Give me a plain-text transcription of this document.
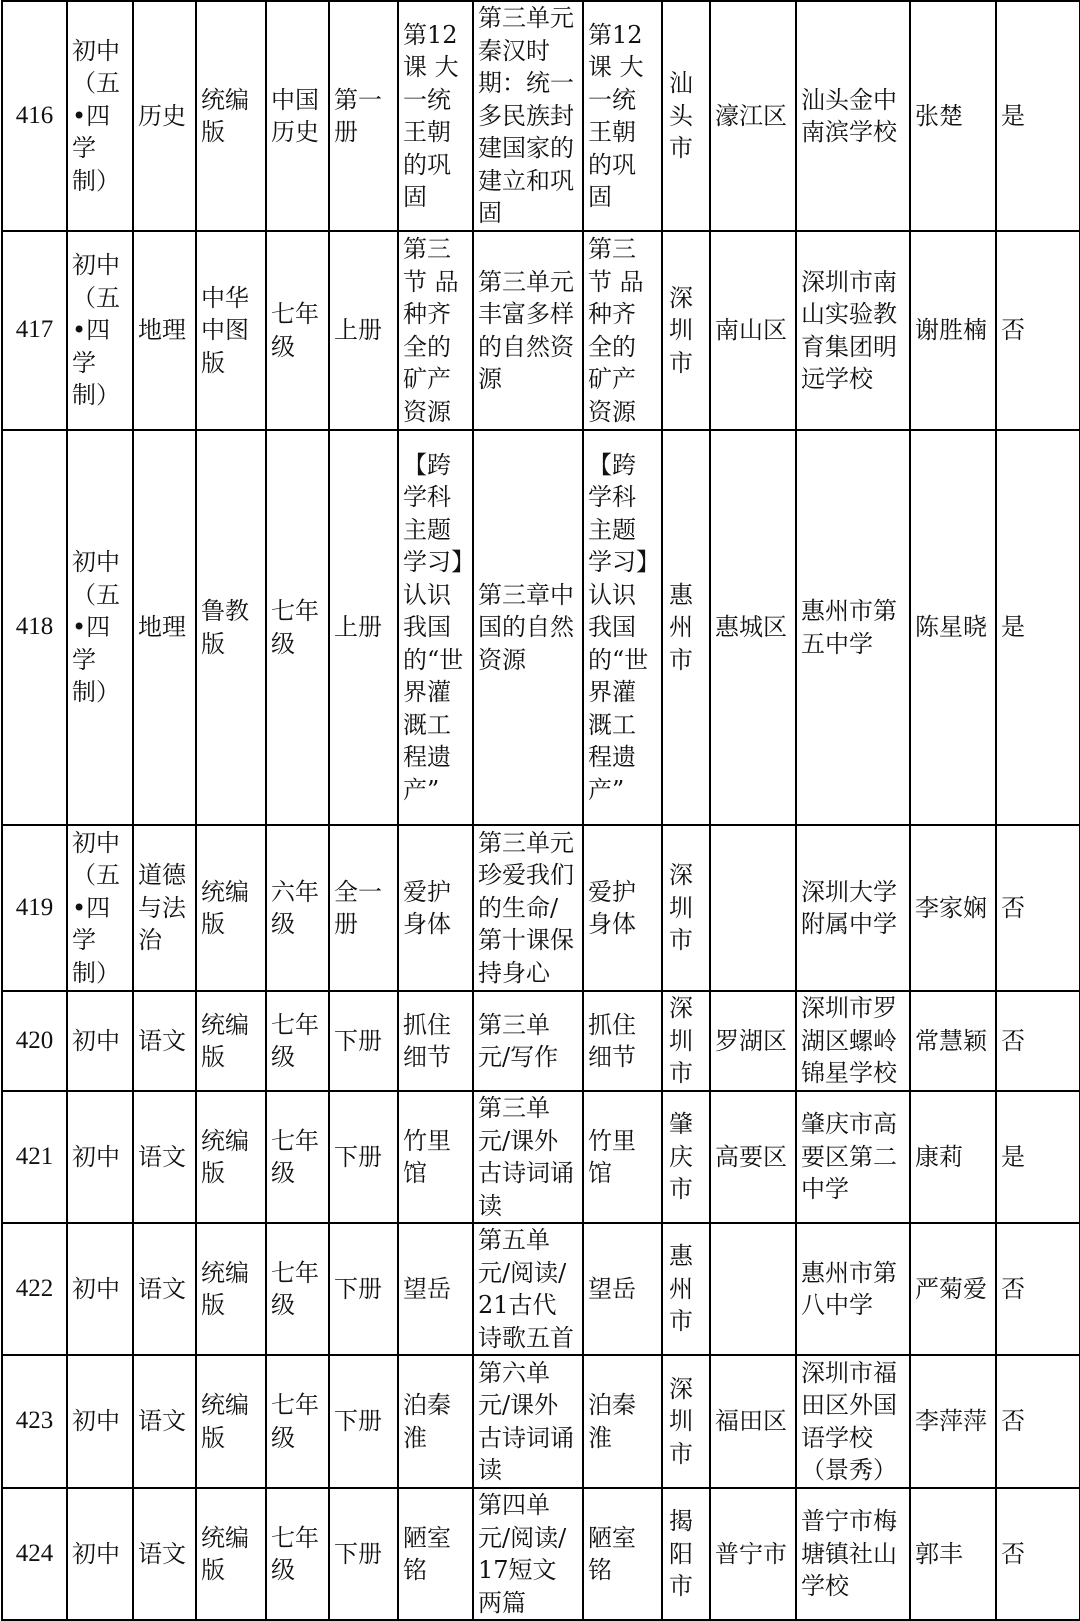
416	初中（五•四学制）	历史	统编版	中国历史	第一册	第12课 大一统王朝的巩固	第三单元秦汉时期：统一多民族封建国家的建立和巩固	第12课 大一统王朝的巩固	汕头市	濠江区	汕头金中南滨学校	张楚	是
417	初中（五•四学制）	地理	中华中图版	七年级	上册	第三节 品种齐全的矿产资源	第三单元丰富多样的自然资源	第三节 品种齐全的矿产资源	深圳市	南山区	深圳市南山实验教育集团明远学校	谢胜楠	否
418	初中（五•四学制）	地理	鲁教版	七年级	上册	【跨学科主题学习】认识我国的“世界灌溉工程遗产”	第三章中国的自然资源	【跨学科主题学习】认识我国的“世界灌溉工程遗产”	惠州市	惠城区	惠州市第五中学	陈星晓	是
419	初中（五•四学制）	道德与法治	统编版	六年级	全一册	爱护身体	第三单元珍爱我们的生命/第十课保持身心	爱护身体	深圳市		深圳大学附属中学	李家娴	否
420	初中	语文	统编版	七年级	下册	抓住细节	第三单元/写作	抓住细节	深圳市	罗湖区	深圳市罗湖区螺岭锦星学校	常慧颖	否
421	初中	语文	统编版	七年级	下册	竹里馆	第三单元/课外古诗词诵读	竹里馆	肇庆市	高要区	肇庆市高要区第二中学	康莉	是
422	初中	语文	统编版	七年级	下册	望岳	第五单元/阅读/21古代诗歌五首	望岳	惠州市		惠州市第八中学	严菊爱	否
423	初中	语文	统编版	七年级	下册	泊秦淮	第六单元/课外古诗词诵读	泊秦淮	深圳市	福田区	深圳市福田区外国语学校（景秀）	李萍萍	否
424	初中	语文	统编版	七年级	下册	陋室铭	第四单元/阅读/17短文两篇	陋室铭	揭阳市	普宁市	普宁市梅塘镇社山学校	郭丰	否
